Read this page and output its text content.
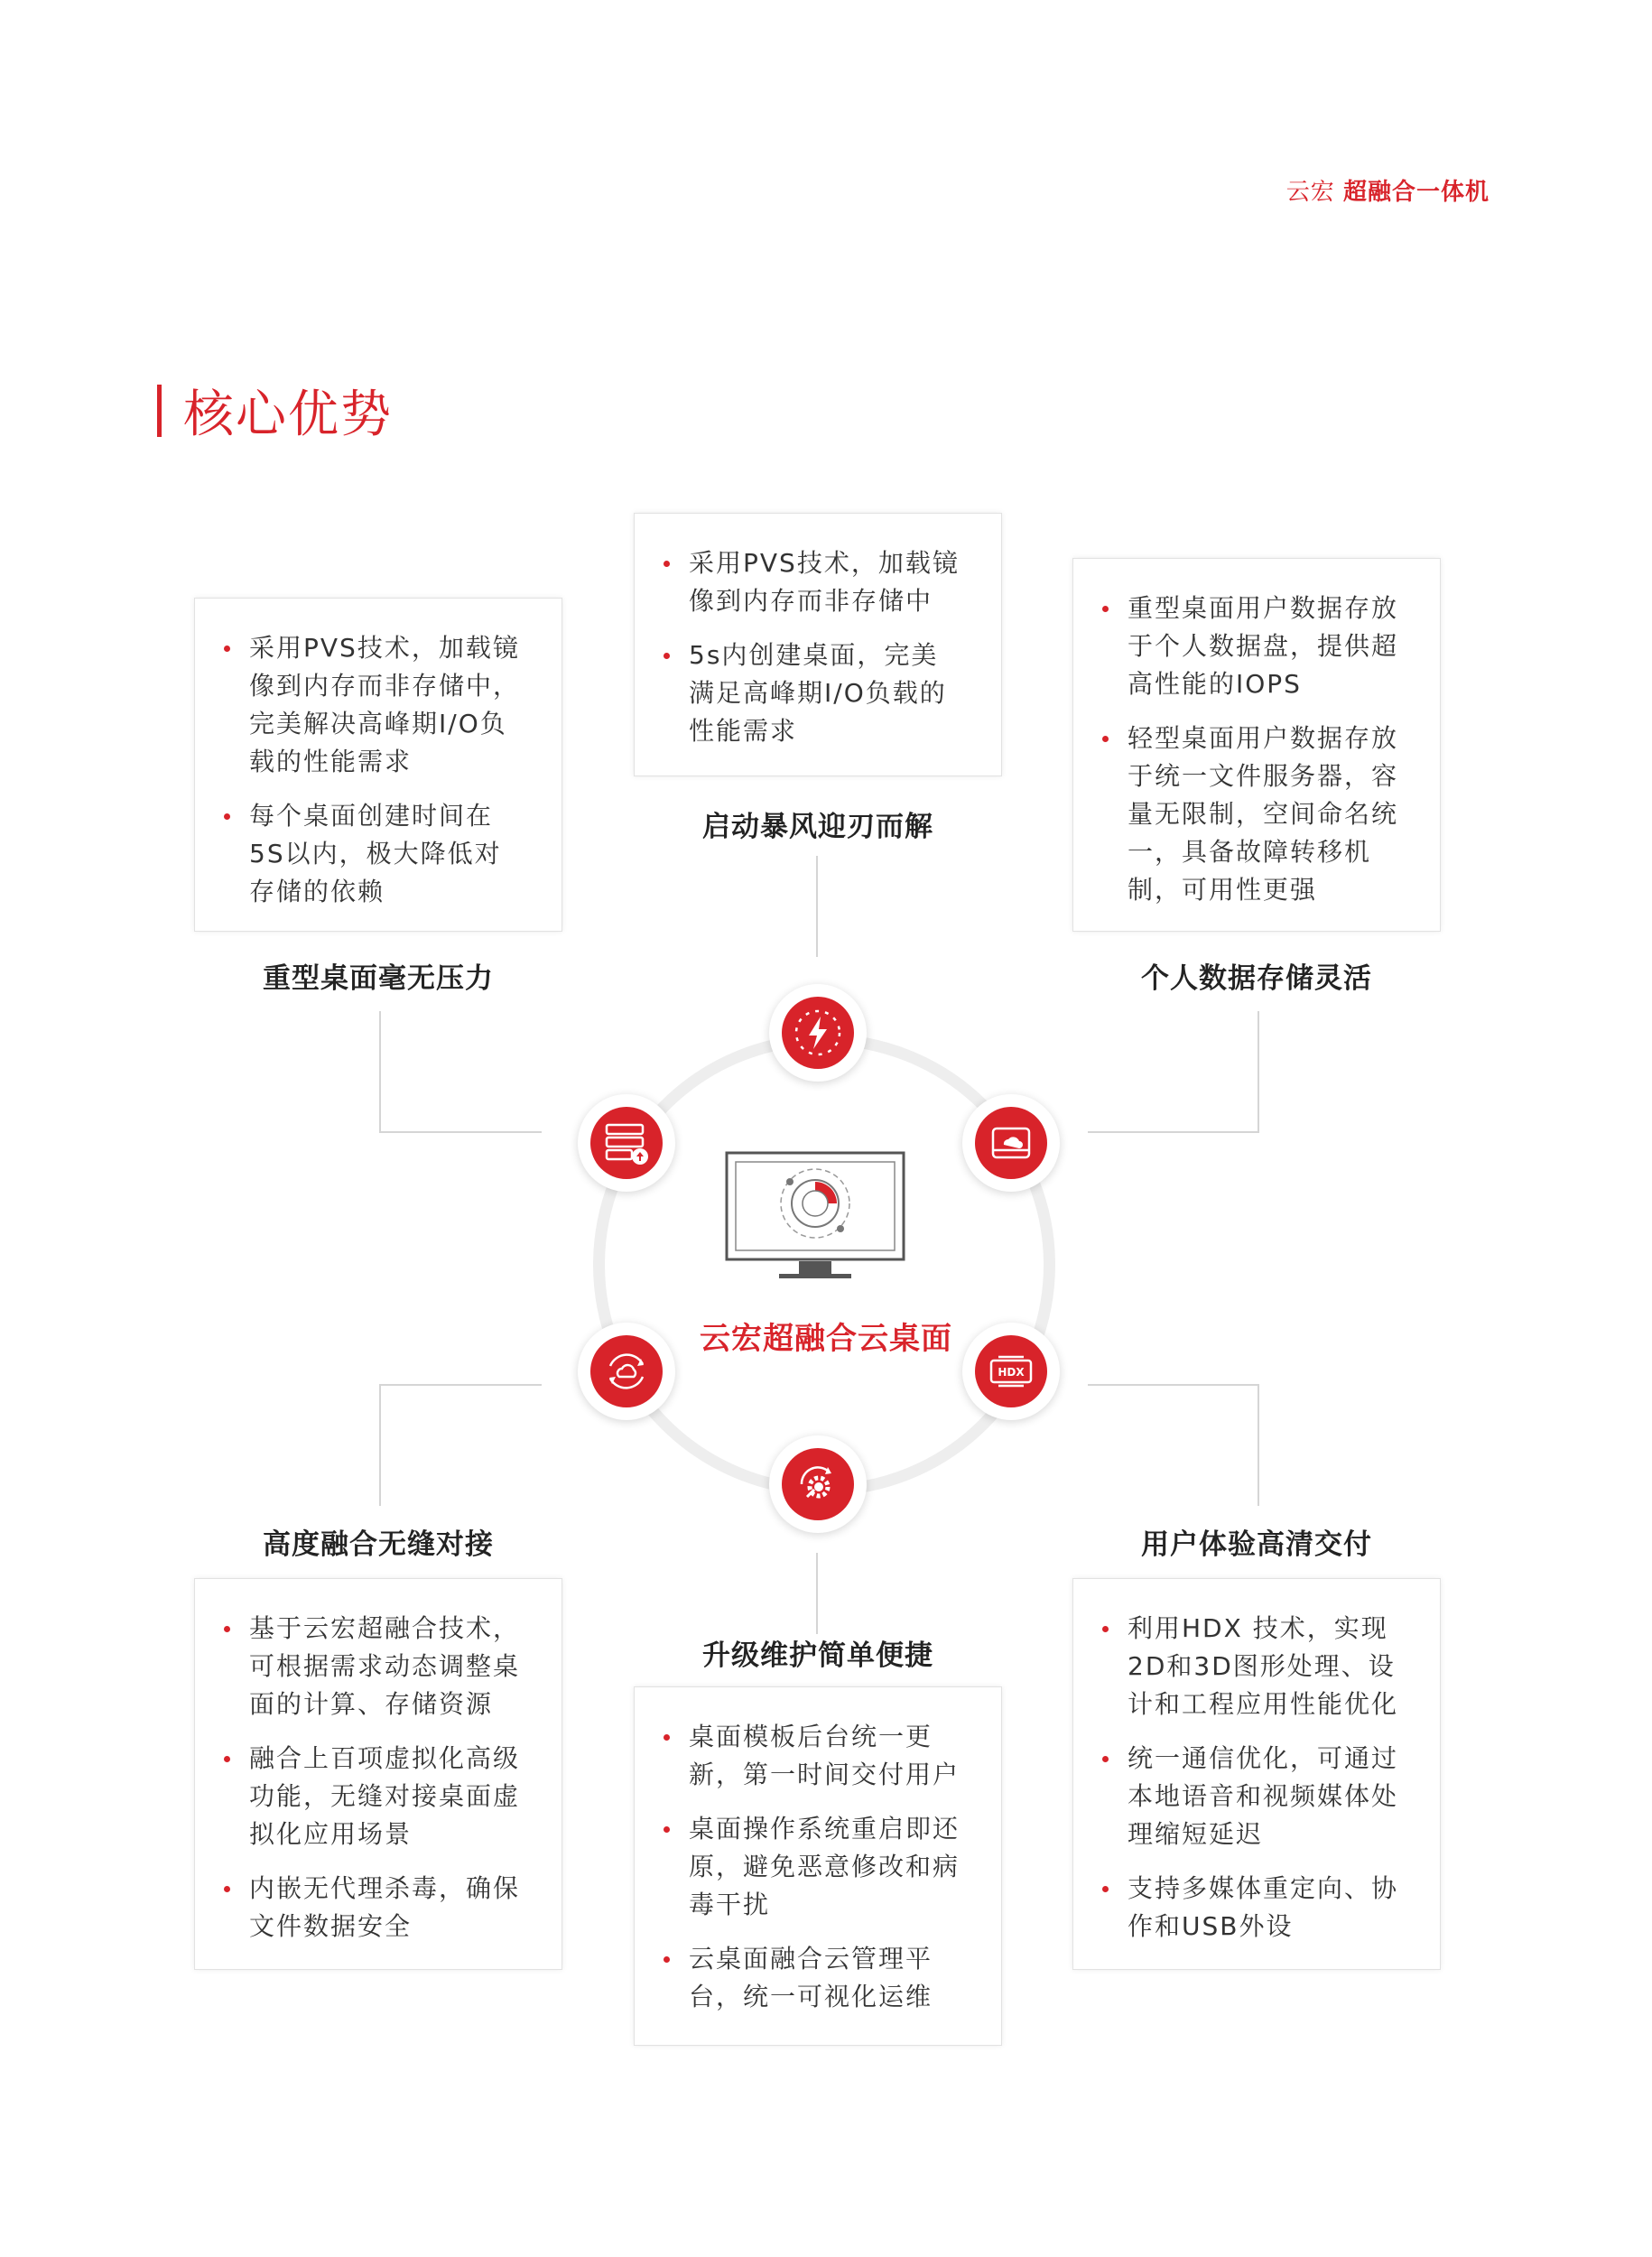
云宏 超融合一体机
核心优势
采用PVS技术，加载镜像到内存而非存储中，完美解决高峰期I/O负载的性能需求
每个桌面创建时间在5S以内，极大降低对存储的依赖
重型桌面毫无压力
采用PVS技术，加载镜像到内存而非存储中
5s内创建桌面，完美满足高峰期I/O负载的性能需求
启动暴风迎刃而解
重型桌面用户数据存放于个人数据盘，提供超高性能的IOPS
轻型桌面用户数据存放于统一文件服务器，容量无限制，空间命名统一，具备故障转移机制，可用性更强
个人数据存储灵活
高度融合无缝对接
基于云宏超融合技术，可根据需求动态调整桌面的计算、存储资源
融合上百项虚拟化高级功能，无缝对接桌面虚拟化应用场景
内嵌无代理杀毒，确保文件数据安全
升级维护简单便捷
桌面模板后台统一更新，第一时间交付用户
桌面操作系统重启即还原，避免恶意修改和病毒干扰
云桌面融合云管理平台，统一可视化运维
用户体验高清交付
利用HDX 技术，实现2D和3D图形处理、设计和工程应用性能优化
统一通信优化，可通过本地语音和视频媒体处理缩短延迟
支持多媒体重定向、协作和USB外设
云宏超融合云桌面
HDX
